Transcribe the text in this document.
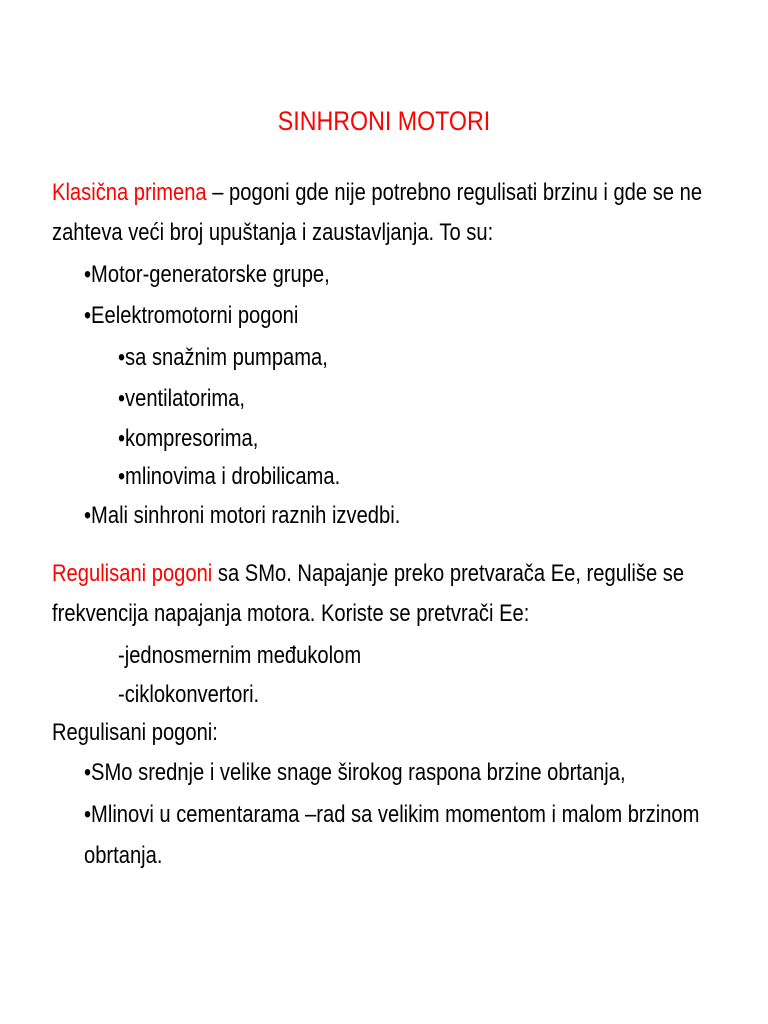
SINHRONI MOTORI
Klasična primena – pogoni gde nije potrebno regulisati brzinu i gde se ne
zahteva veći broj upuštanja i zaustavljanja. To su:
•Motor-generatorske grupe,
•Eelektromotorni pogoni
•sa snažnim pumpama,
•ventilatorima,
•kompresorima,
•mlinovima i drobilicama.
•Mali sinhroni motori raznih izvedbi.
Regulisani pogoni sa SMo. Napajanje preko pretvarača Ee, reguliše se
frekvencija napajanja motora. Koriste se pretvrači Ee:
-jednosmernim međukolom
-ciklokonvertori.
Regulisani pogoni:
•SMo srednje i velike snage širokog raspona brzine obrtanja,
•Mlinovi u cementarama –rad sa velikim momentom i malom brzinom
obrtanja.
